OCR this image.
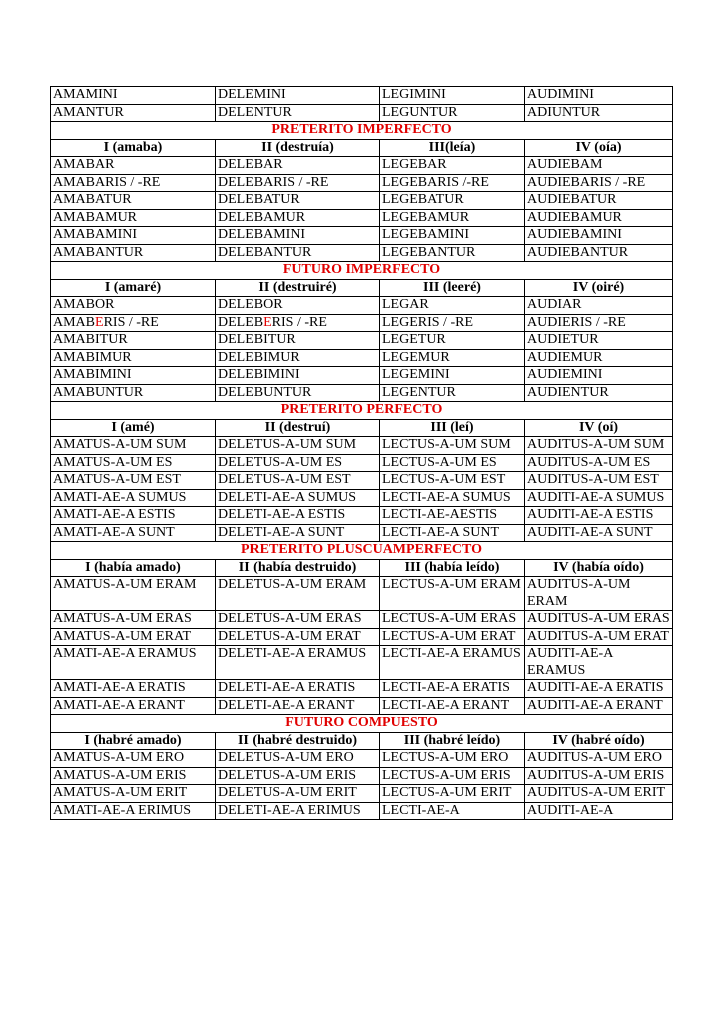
AMAMINI	DELEMINI	LEGIMINI	AUDIMINI
AMANTUR	DELENTUR	LEGUNTUR	ADIUNTUR
PRETERITO IMPERFECTO			
I (amaba)	II (destruía)	III(leía)	IV (oía)
AMABAR	DELEBAR	LEGEBAR	AUDIEBAM
AMABARIS / -RE	DELEBARIS / -RE	LEGEBARIS /-RE	AUDIEBARIS / -RE
AMABATUR	DELEBATUR	LEGEBATUR	AUDIEBATUR
AMABAMUR	DELEBAMUR	LEGEBAMUR	AUDIEBAMUR
AMABAMINI	DELEBAMINI	LEGEBAMINI	AUDIEBAMINI
AMABANTUR	DELEBANTUR	LEGEBANTUR	AUDIEBANTUR
FUTURO IMPERFECTO			
I (amaré)	II (destruiré)	III (leeré)	IV (oiré)
AMABOR	DELEBOR	LEGAR	AUDIAR
AMABERIS / -RE	DELEBERIS / -RE	LEGERIS / -RE	AUDIERIS / -RE
AMABITUR	DELEBITUR	LEGETUR	AUDIETUR
AMABIMUR	DELEBIMUR	LEGEMUR	AUDIEMUR
AMABIMINI	DELEBIMINI	LEGEMINI	AUDIEMINI
AMABUNTUR	DELEBUNTUR	LEGENTUR	AUDIENTUR
PRETERITO PERFECTO			
I (amé)	II (destruí)	III (leí)	IV (oí)
AMATUS-A-UM SUM	DELETUS-A-UM SUM	LECTUS-A-UM SUM	AUDITUS-A-UM SUM
AMATUS-A-UM ES	DELETUS-A-UM ES	LECTUS-A-UM ES	AUDITUS-A-UM ES
AMATUS-A-UM EST	DELETUS-A-UM EST	LECTUS-A-UM EST	AUDITUS-A-UM EST
AMATI-AE-A SUMUS	DELETI-AE-A SUMUS	LECTI-AE-A SUMUS	AUDITI-AE-A SUMUS
AMATI-AE-A ESTIS	DELETI-AE-A ESTIS	LECTI-AE-AESTIS	AUDITI-AE-A ESTIS
AMATI-AE-A SUNT	DELETI-AE-A SUNT	LECTI-AE-A SUNT	AUDITI-AE-A SUNT
PRETERITO PLUSCUAMPERFECTO			
I (había amado)	II (había destruido)	III (había leído)	IV (había oído)
AMATUS-A-UM ERAM	DELETUS-A-UM ERAM	LECTUS-A-UM ERAM	AUDITUS-A-UM ERAM
AMATUS-A-UM ERAS	DELETUS-A-UM ERAS	LECTUS-A-UM ERAS	AUDITUS-A-UM ERAS
AMATUS-A-UM ERAT	DELETUS-A-UM ERAT	LECTUS-A-UM ERAT	AUDITUS-A-UM ERAT
AMATI-AE-A ERAMUS	DELETI-AE-A ERAMUS	LECTI-AE-A ERAMUS	AUDITI-AE-A ERAMUS
AMATI-AE-A ERATIS	DELETI-AE-A ERATIS	LECTI-AE-A ERATIS	AUDITI-AE-A ERATIS
AMATI-AE-A ERANT	DELETI-AE-A ERANT	LECTI-AE-A ERANT	AUDITI-AE-A ERANT
FUTURO COMPUESTO			
I (habré amado)	II (habré destruido)	III (habré leído)	IV (habré oído)
AMATUS-A-UM ERO	DELETUS-A-UM ERO	LECTUS-A-UM ERO	AUDITUS-A-UM ERO
AMATUS-A-UM ERIS	DELETUS-A-UM ERIS	LECTUS-A-UM ERIS	AUDITUS-A-UM ERIS
AMATUS-A-UM ERIT	DELETUS-A-UM ERIT	LECTUS-A-UM ERIT	AUDITUS-A-UM ERIT
AMATI-AE-A ERIMUS	DELETI-AE-A ERIMUS	LECTI-AE-A	AUDITI-AE-A
